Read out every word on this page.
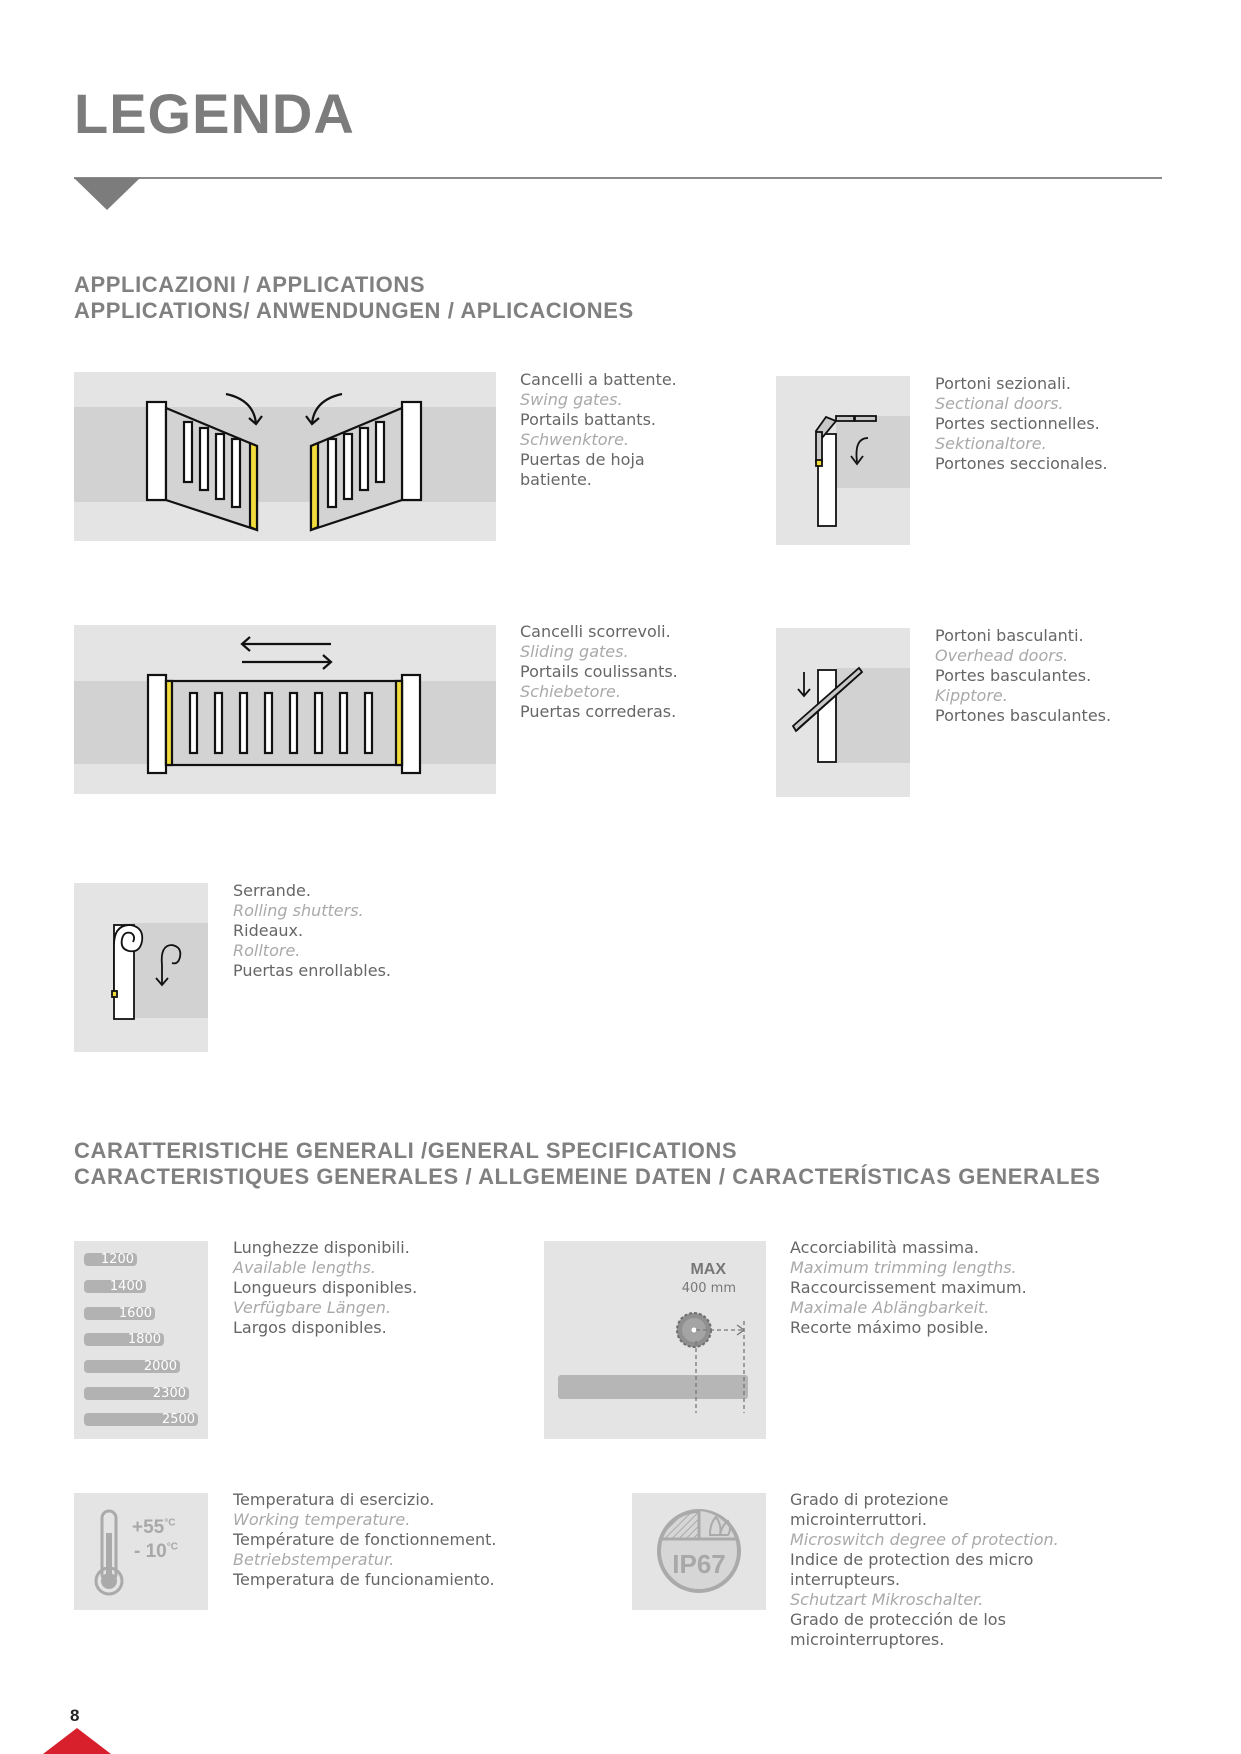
LEGENDA
APPLICAZIONI / APPLICATIONS
APPLICATIONS/ ANWENDUNGEN / APLICACIONES
Cancelli a battente.
Swing gates.
Portails battants.
Schwenktore.
Puertas de hoja
batiente.
Portoni sezionali.
Sectional doors.
Portes sectionnelles.
Sektionaltore.
Portones seccionales.
Cancelli scorrevoli.
Sliding gates.
Portails coulissants.
Schiebetore.
Puertas correderas.
Portoni basculanti.
Overhead doors.
Portes basculantes.
Kipptore.
Portones basculantes.
Serrande.
Rolling shutters.
Rideaux.
Rolltore.
Puertas enrollables.
CARATTERISTICHE GENERALI /GENERAL SPECIFICATIONS
CARACTERISTIQUES GENERALES / ALLGEMEINE DATEN / CARACTERÍSTICAS GENERALES
1200
1400
1600
1800
2000
2300
2500
Lunghezze disponibili.
Available lengths.
Longueurs disponibles.
Verfügbare Längen.
Largos disponibles.
MAX
400 mm
Accorciabilità massima.
Maximum trimming lengths.
Raccourcissement maximum.
Maximale Ablängbarkeit.
Recorte máximo posible.
$+55^{^\circ C}$
- $10^{^\circ C}$
Temperatura di esercizio.
Working temperature.
Température de fonctionnement.
Betriebstemperatur.
Temperatura de funcionamiento.
IP67
Grado di protezione
microinterruttori.
Microswitch degree of protection.
Indice de protection des micro
interrupteurs.
Schutzart Mikroschalter.
Grado de protección de los
microinterruptores.
8
